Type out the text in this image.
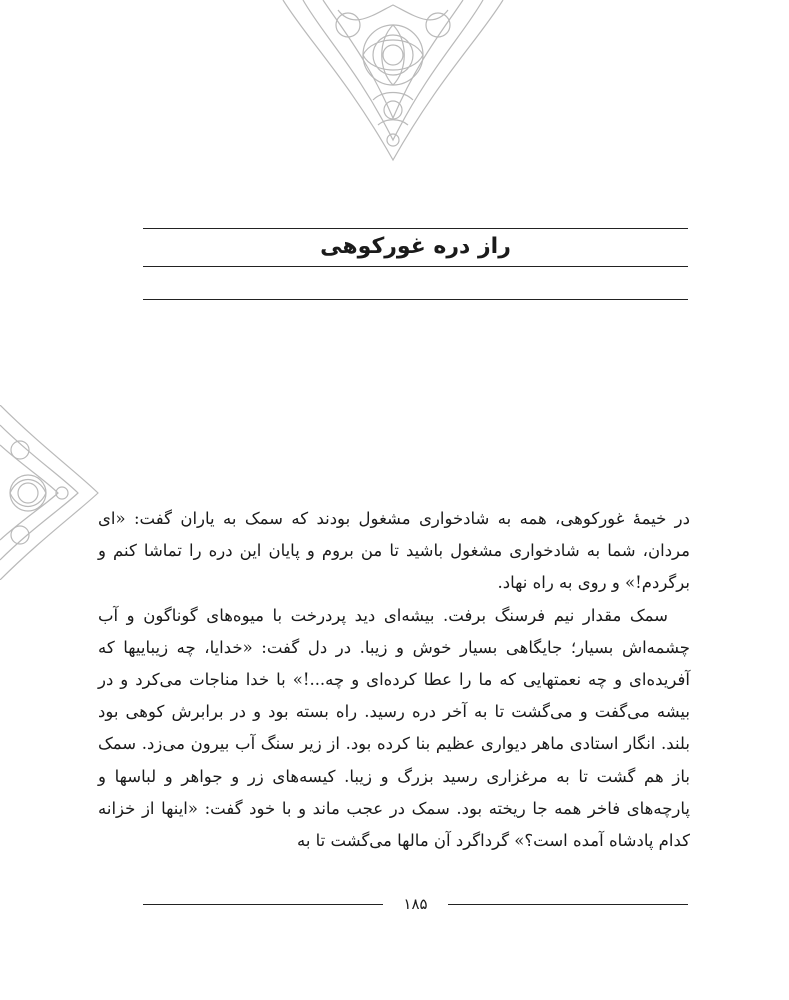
راز دره غورکوهی

در خیمهٔ غورکوهی، همه به شادخواری مشغول بودند که سمک به یاران گفت: «ای مردان، شما به شادخواری مشغول باشید تا من بروم و پایان این دره را تماشا کنم و برگردم!» و روی به راه نهاد.

سمک مقدار نیم فرسنگ برفت. بیشه‌ای دید پردرخت با میوه‌های گوناگون و آب چشمه‌اش بسیار؛ جایگاهی بسیار خوش و زیبا. در دل گفت: «خدایا، چه زیباییها که آفریده‌ای و چه نعمتهایی که ما را عطا کرده‌ای و چه...!» با خدا مناجات می‌کرد و در بیشه می‌گفت و می‌گشت تا به آخر دره رسید. راه بسته بود و در برابرش کوهی بود بلند. انگار استادی ماهر دیواری عظیم بنا کرده بود. از زیر سنگ آب بیرون می‌زد. سمک باز هم گشت تا به مرغزاری رسید بزرگ و زیبا. کیسه‌های زر و جواهر و لباسها و پارچه‌های فاخر همه جا ریخته بود. سمک در عجب ماند و با خود گفت: «اینها از خزانه کدام پادشاه آمده است؟» گرداگرد آن مالها می‌گشت تا به

۱۸۵
